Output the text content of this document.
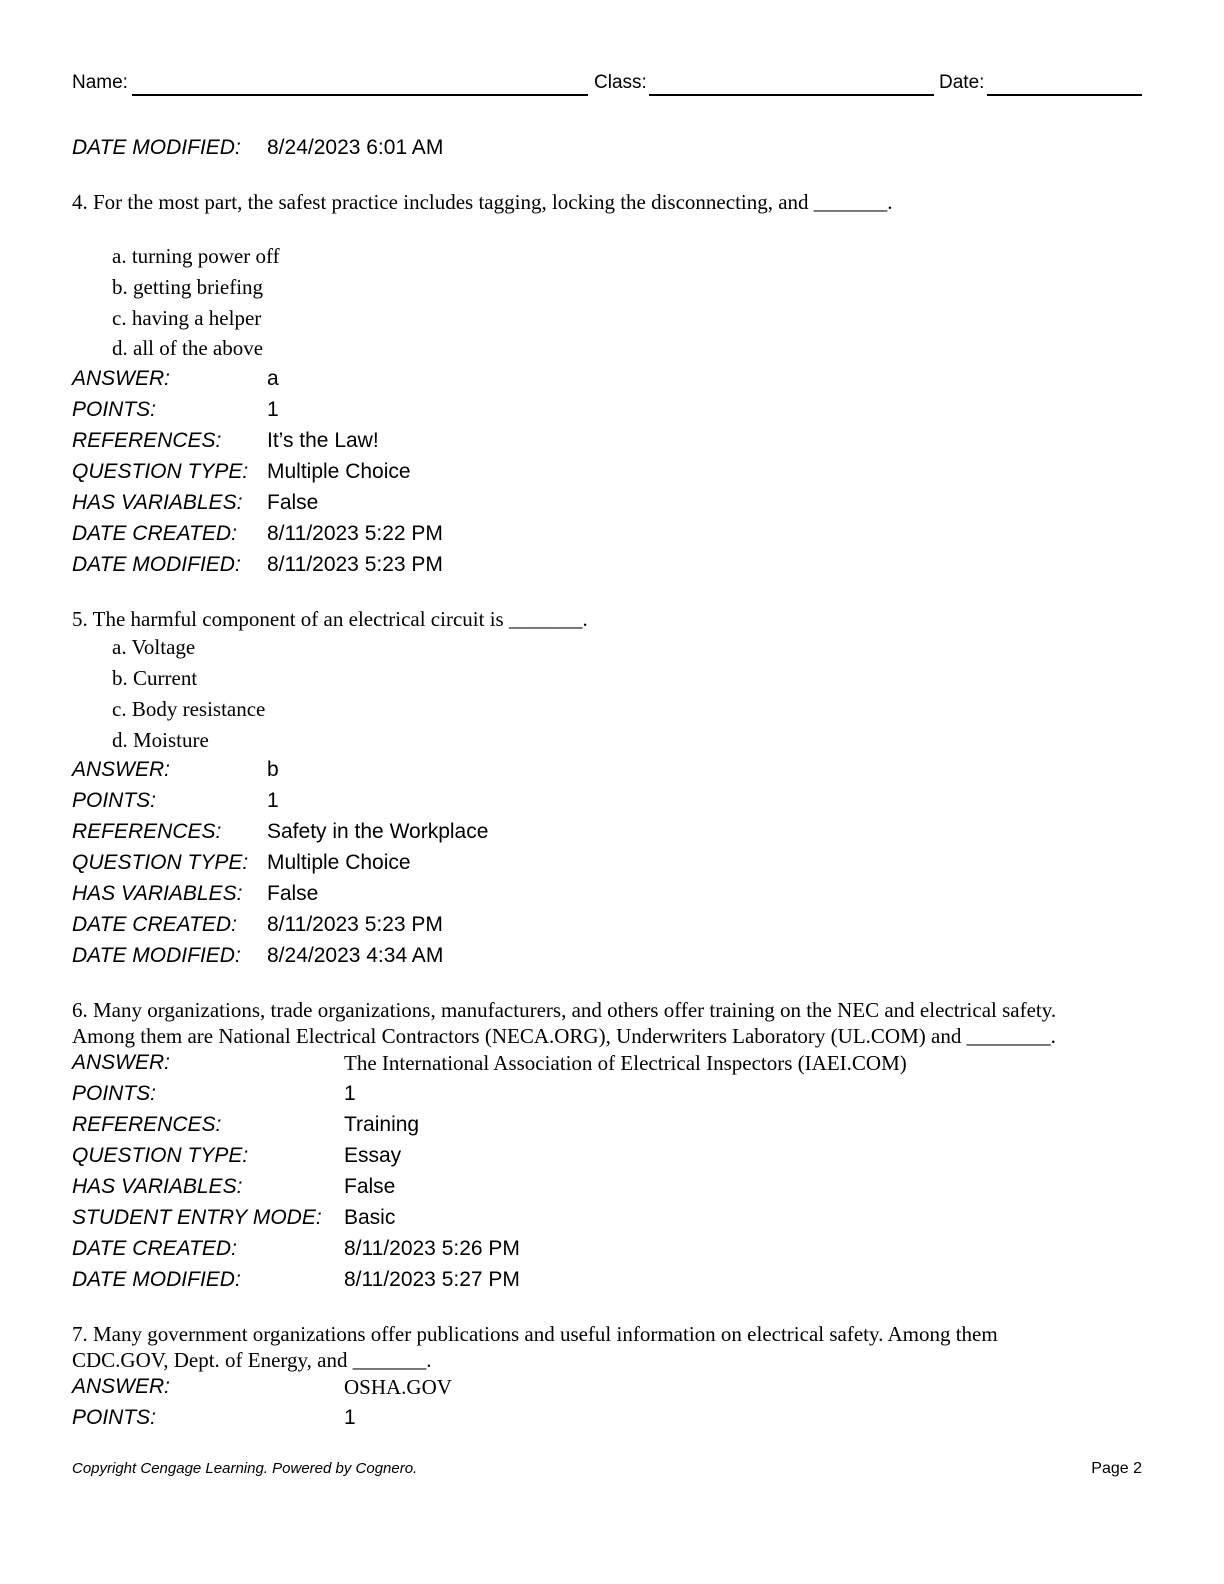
Name:	Class:	Date:
DATE MODIFIED: 8/24/2023 6:01 AM
4. For the most part, the safest practice includes tagging, locking the disconnecting, and _______.
a. turning power off
b. getting briefing
c. having a helper
d. all of the above
ANSWER:	a
POINTS:	1
REFERENCES: It’s the Law!
QUESTION TYPE: Multiple Choice
HAS VARIABLES: False
DATE CREATED: 8/11/2023 5:22 PM
DATE MODIFIED: 8/11/2023 5:23 PM
5. The harmful component of an electrical circuit is _______.
a. Voltage
b. Current
c. Body resistance
d. Moisture
ANSWER:	b
POINTS:	1
REFERENCES: Safety in the Workplace
QUESTION TYPE: Multiple Choice
HAS VARIABLES: False
DATE CREATED: 8/11/2023 5:23 PM
DATE MODIFIED: 8/24/2023 4:34 AM
6. Many organizations, trade organizations, manufacturers, and others offer training on the NEC and electrical safety.
Among them are National Electrical Contractors (NECA.ORG), Underwriters Laboratory (UL.COM) and ________.
ANSWER:	The International Association of Electrical Inspectors (IAEI.COM)
POINTS:	1
REFERENCES:	Training
QUESTION TYPE:	Essay
HAS VARIABLES:	False
STUDENT ENTRY MODE: Basic
DATE CREATED:	8/11/2023 5:26 PM
DATE MODIFIED:	8/11/2023 5:27 PM
7. Many government organizations offer publications and useful information on electrical safety. Among them
CDC.GOV, Dept. of Energy, and _______.
ANSWER:	OSHA.GOV
POINTS:	1
Copyright Cengage Learning. Powered by Cognero.	Page 2
